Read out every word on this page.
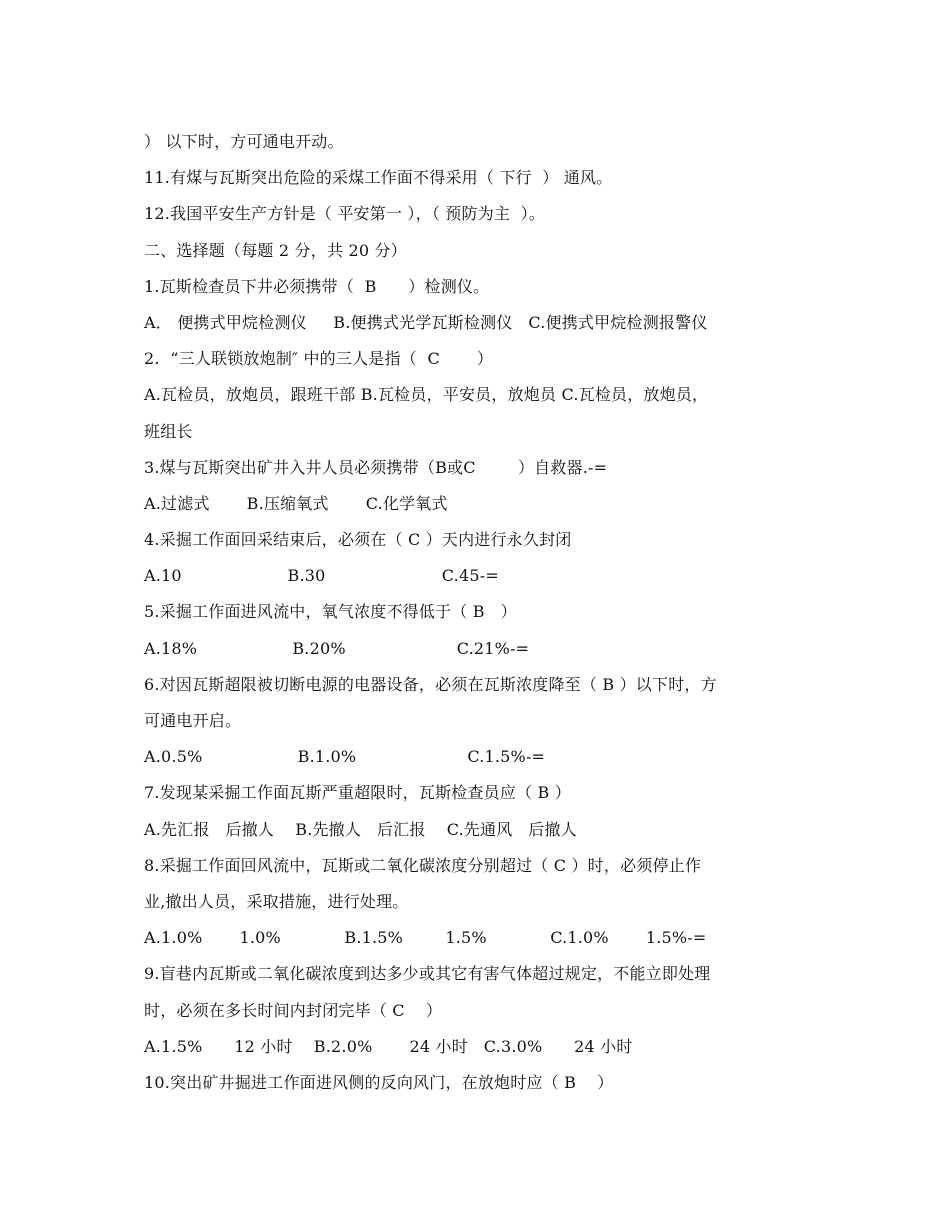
） 以下时，方可通电开动。
11.有煤与瓦斯突出危险的采煤工作面不得采用（ 下行  ） 通风。
12.我国平安生产方针是（ 平安第一 ），（ 预防为主  ）。
二、选择题（每题 2 分，共 20 分）
1.瓦斯检查员下井必须携带（  B      ）检测仪。
A． 便携式甲烷检测仪     B.便携式光学瓦斯检测仪   C.便携式甲烷检测报警仪
2.  “三人联锁放炮制″ 中的三人是指（  C       ）
A.瓦检员，放炮员，跟班干部 B.瓦检员，平安员，放炮员 C.瓦检员，放炮员，
班组长
3.煤与瓦斯突出矿井入井人员必须携带（B或C        ）自救器.-=
A.过滤式       B.压缩氧式       C.化学氧式
4.采掘工作面回采结束后，必须在（ C ）天内进行永久封闭
A.10                    B.30                      C.45-=
5.采掘工作面进风流中，氧气浓度不得低于（ B   ）
A.18%                  B.20%                     C.21%-=
6.对因瓦斯超限被切断电源的电器设备，必须在瓦斯浓度降至（ B ）以下时，方
可通电开启。
A.0.5%                  B.1.0%                     C.1.5%-=
7.发现某采掘工作面瓦斯严重超限时，瓦斯检查员应（ B ）
A.先汇报   后撤人    B.先撤人   后汇报    C.先通风   后撤人
8.采掘工作面回风流中，瓦斯或二氧化碳浓度分别超过（ C ）时，必须停止作
业,撤出人员，采取措施，进行处理。
A.1.0%       1.0%            B.1.5%        1.5%            C.1.0%       1.5%-=
9.盲巷内瓦斯或二氧化碳浓度到达多少或其它有害气体超过规定，不能立即处理
时，必须在多长时间内封闭完毕（ C    ）
A.1.5%      12 小时    B.2.0%       24 小时   C.3.0%      24 小时
10.突出矿井掘进工作面进风侧的反向风门，在放炮时应（ B    ）
